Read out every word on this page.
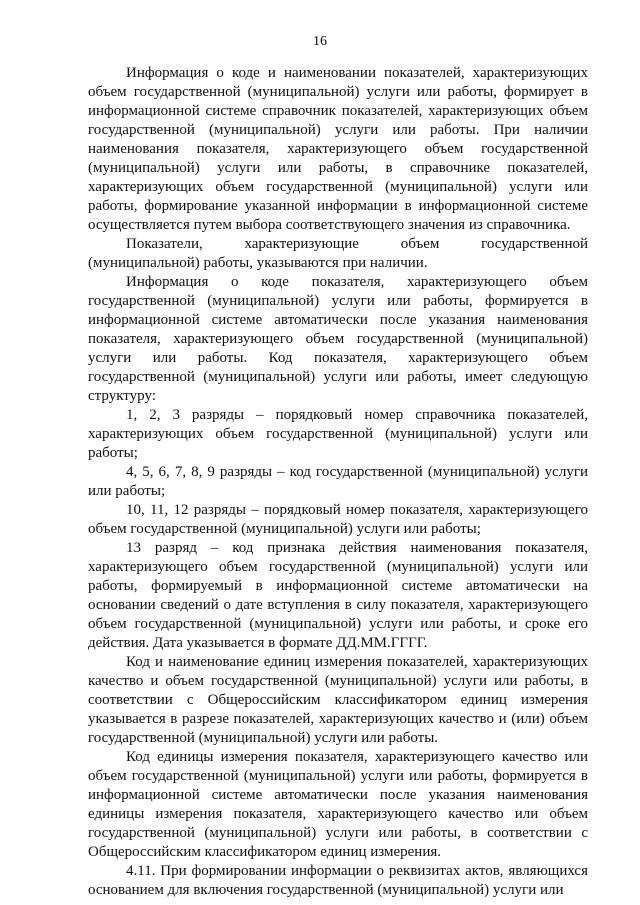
16

Информация о коде и наименовании показателей, характеризующих объем государственной (муниципальной) услуги или работы, формирует в информационной системе справочник показателей, характеризующих объем государственной (муниципальной) услуги или работы. При наличии наименования показателя, характеризующего объем государственной (муниципальной) услуги или работы, в справочнике показателей, характеризующих объем государственной (муниципальной) услуги или работы, формирование указанной информации в информационной системе осуществляется путем выбора соответствующего значения из справочника.

Показатели, характеризующие объем государственной (муниципальной) работы, указываются при наличии.

Информация о коде показателя, характеризующего объем государственной (муниципальной) услуги или работы, формируется в информационной системе автоматически после указания наименования показателя, характеризующего объем государственной (муниципальной) услуги или работы. Код показателя, характеризующего объем государственной (муниципальной) услуги или работы, имеет следующую структуру:

1, 2, 3 разряды – порядковый номер справочника показателей, характеризующих объем государственной (муниципальной) услуги или работы;

4, 5, 6, 7, 8, 9 разряды – код государственной (муниципальной) услуги или работы;

10, 11, 12 разряды – порядковый номер показателя, характеризующего объем государственной (муниципальной) услуги или работы;

13 разряд – код признака действия наименования показателя, характеризующего объем государственной (муниципальной) услуги или работы, формируемый в информационной системе автоматически на основании сведений о дате вступления в силу показателя, характеризующего объем государственной (муниципальной) услуги или работы, и сроке его действия. Дата указывается в формате ДД.ММ.ГГГГ.

Код и наименование единиц измерения показателей, характеризующих качество и объем государственной (муниципальной) услуги или работы, в соответствии с Общероссийским классификатором единиц измерения указывается в разрезе показателей, характеризующих качество и (или) объем государственной (муниципальной) услуги или работы.

Код единицы измерения показателя, характеризующего качество или объем государственной (муниципальной) услуги или работы, формируется в информационной системе автоматически после указания наименования единицы измерения показателя, характеризующего качество или объем государственной (муниципальной) услуги или работы, в соответствии с Общероссийским классификатором единиц измерения.

4.11. При формировании информации о реквизитах актов, являющихся основанием для включения государственной (муниципальной) услуги или
